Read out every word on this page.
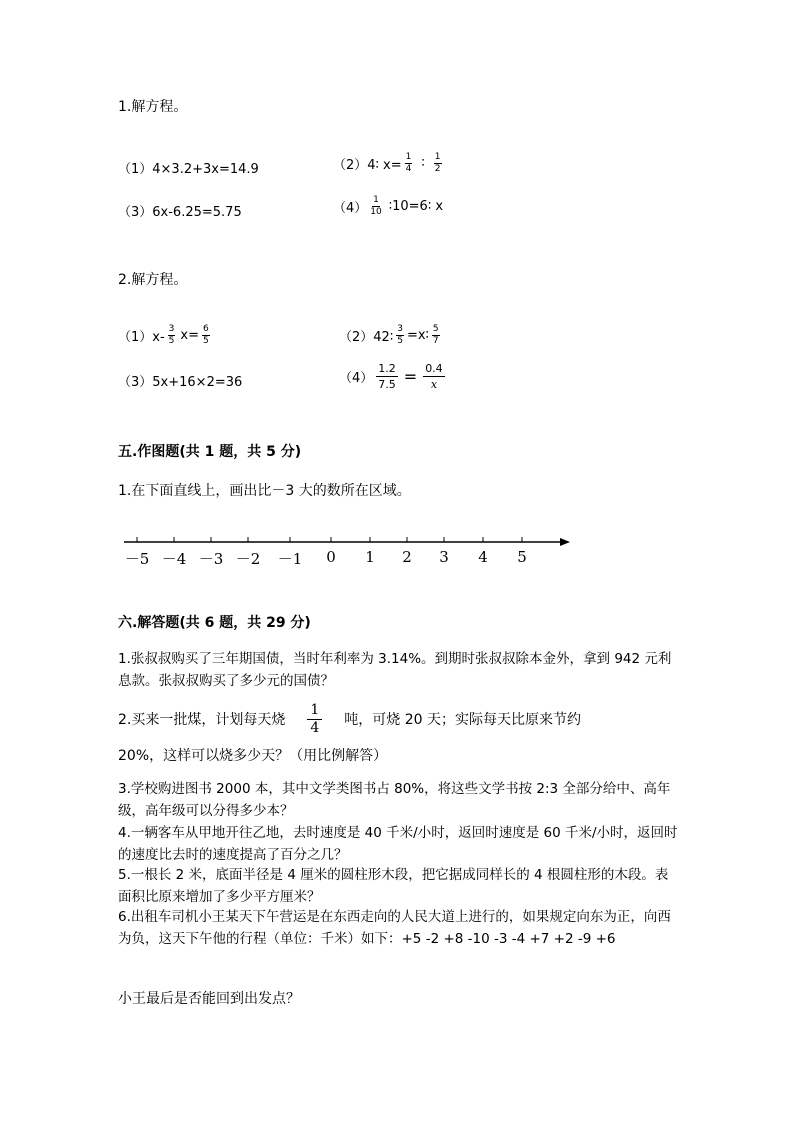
1.解方程。
（1）4×3.2+3x=14.9	（2）4∶ $x= \frac{1}{4}$ ∶ $\frac{1}{2}$
（3）6x-6.25=5.75	$(4) \frac{1}{10}$ ∶10=6∶ x
2.解方程。
$(1)x- \frac{3}{5} x= \frac{6}{5}$	（2）42∶ $\frac{3}{5}$ =x∶ $\frac{5}{7}$
（3）5x+16×2=36	$(4) \frac{1.2}{7.5} = \frac{0.4}{x}$
五.作图题(共 1 题，共 5 分)
1.在下面直线上，画出比－3 大的数所在区域。
－5 －4 －3 －2 －1	0	1	2	3	4	5
六.解答题(共 6 题，共 29 分)
1.张叔叔购买了三年期国债，当时年利率为 3.14%。到期时张叔叔除本金外，拿到 942 元利息款。张叔叔购买了多少元的国债？
2.买来一批煤，计划每天烧 $\frac{1}{4}$ 吨，可烧 20 天；实际每天比原来节约
20%，这样可以烧多少天？（用比例解答）
3.学校购进图书 2000 本，其中文学类图书占 80%，将这些文学书按 2:3 全部分给中、高年级，高年级可以分得多少本？
4.一辆客车从甲地开往乙地，去时速度是 40 千米/小时，返回时速度是 60 千米/小时，返回时的速度比去时的速度提高了百分之几？
5.一根长 2 米，底面半径是 4 厘米的圆柱形木段，把它据成同样长的 4 根圆柱形的木段。表面积比原来增加了多少平方厘米？
6.出租车司机小王某天下午营运是在东西走向的人民大道上进行的，如果规定向东为正，向西为负，这天下午他的行程（单位：千米）如下：+5 -2 +8 -10 -3 -4 +7 +2 -9 +6
小王最后是否能回到出发点？
